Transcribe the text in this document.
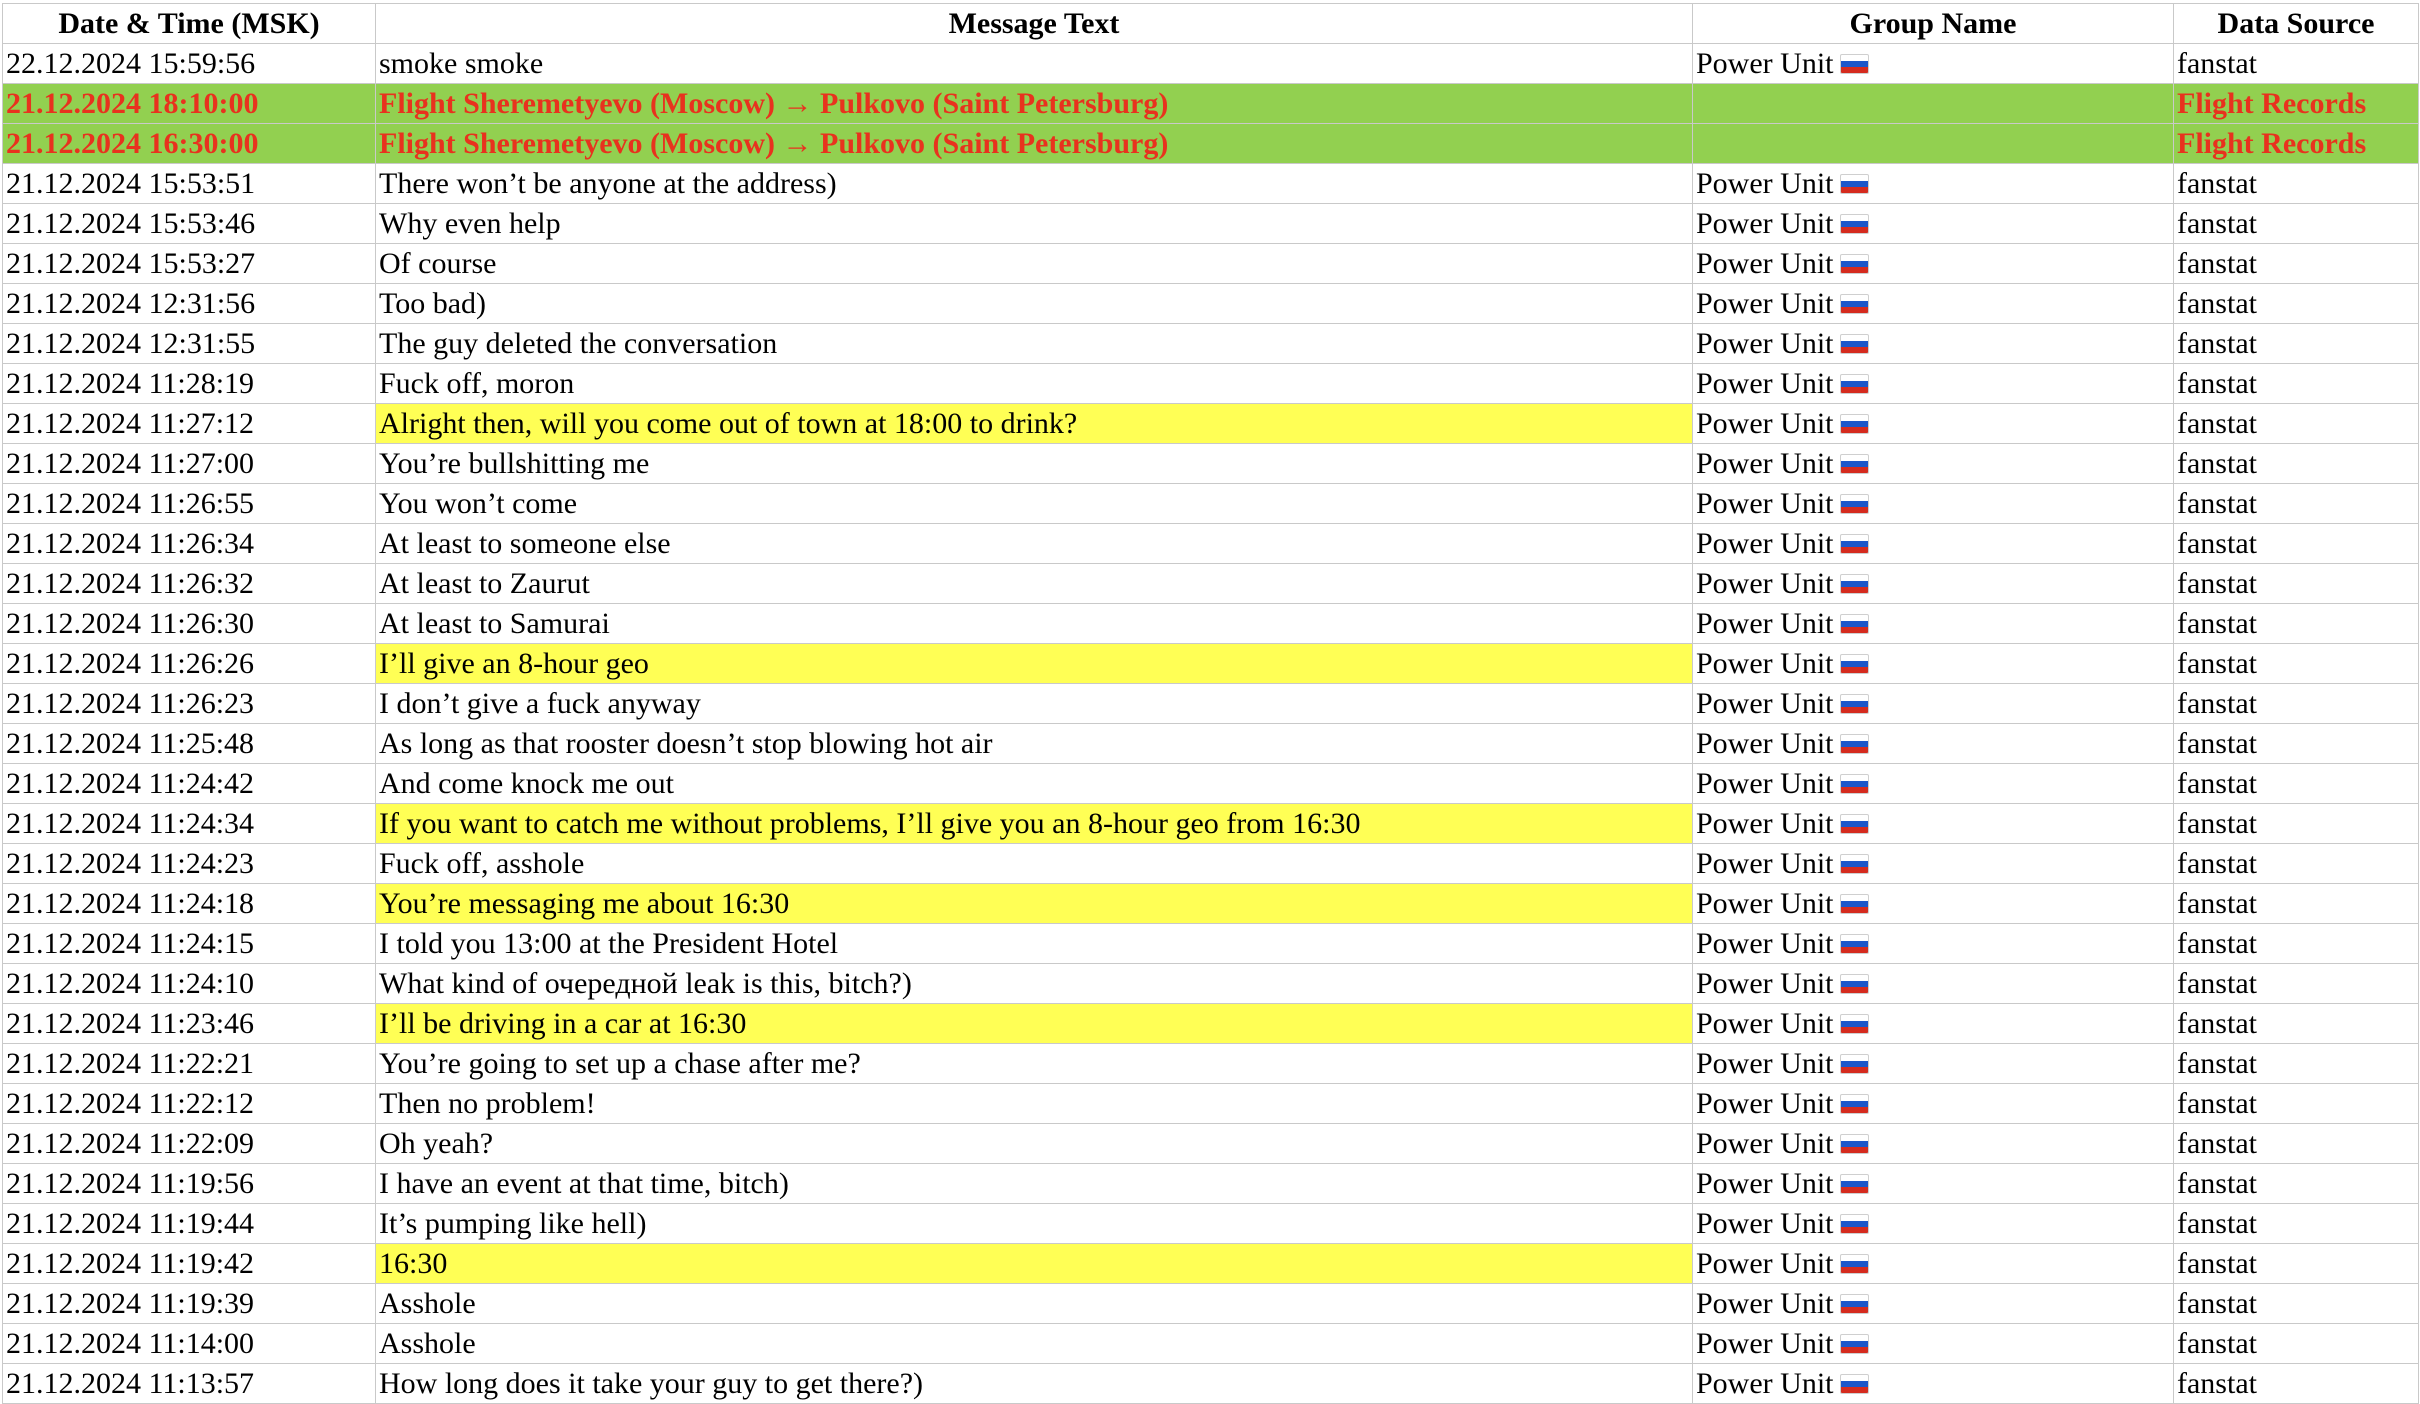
Date & Time (MSK)	Message Text	Group Name	Data Source
22.12.2024 15:59:56	smoke smoke	Power Unit	fanstat
21.12.2024 18:10:00	Flight Sheremetyevo (Moscow) → Pulkovo (Saint Petersburg)		Flight Records
21.12.2024 16:30:00	Flight Sheremetyevo (Moscow) → Pulkovo (Saint Petersburg)		Flight Records
21.12.2024 15:53:51	There won’t be anyone at the address)	Power Unit	fanstat
21.12.2024 15:53:46	Why even help	Power Unit	fanstat
21.12.2024 15:53:27	Of course	Power Unit	fanstat
21.12.2024 12:31:56	Too bad)	Power Unit	fanstat
21.12.2024 12:31:55	The guy deleted the conversation	Power Unit	fanstat
21.12.2024 11:28:19	Fuck off, moron	Power Unit	fanstat
21.12.2024 11:27:12	Alright then, will you come out of town at 18:00 to drink?	Power Unit	fanstat
21.12.2024 11:27:00	You’re bullshitting me	Power Unit	fanstat
21.12.2024 11:26:55	You won’t come	Power Unit	fanstat
21.12.2024 11:26:34	At least to someone else	Power Unit	fanstat
21.12.2024 11:26:32	At least to Zaurut	Power Unit	fanstat
21.12.2024 11:26:30	At least to Samurai	Power Unit	fanstat
21.12.2024 11:26:26	I’ll give an 8-hour geo	Power Unit	fanstat
21.12.2024 11:26:23	I don’t give a fuck anyway	Power Unit	fanstat
21.12.2024 11:25:48	As long as that rooster doesn’t stop blowing hot air	Power Unit	fanstat
21.12.2024 11:24:42	And come knock me out	Power Unit	fanstat
21.12.2024 11:24:34	If you want to catch me without problems, I’ll give you an 8-hour geo from 16:30	Power Unit	fanstat
21.12.2024 11:24:23	Fuck off, asshole	Power Unit	fanstat
21.12.2024 11:24:18	You’re messaging me about 16:30	Power Unit	fanstat
21.12.2024 11:24:15	I told you 13:00 at the President Hotel	Power Unit	fanstat
21.12.2024 11:24:10	What kind of очередной leak is this, bitch?)	Power Unit	fanstat
21.12.2024 11:23:46	I’ll be driving in a car at 16:30	Power Unit	fanstat
21.12.2024 11:22:21	You’re going to set up a chase after me?	Power Unit	fanstat
21.12.2024 11:22:12	Then no problem!	Power Unit	fanstat
21.12.2024 11:22:09	Oh yeah?	Power Unit	fanstat
21.12.2024 11:19:56	I have an event at that time, bitch)	Power Unit	fanstat
21.12.2024 11:19:44	It’s pumping like hell)	Power Unit	fanstat
21.12.2024 11:19:42	16:30	Power Unit	fanstat
21.12.2024 11:19:39	Asshole	Power Unit	fanstat
21.12.2024 11:14:00	Asshole	Power Unit	fanstat
21.12.2024 11:13:57	How long does it take your guy to get there?)	Power Unit	fanstat
